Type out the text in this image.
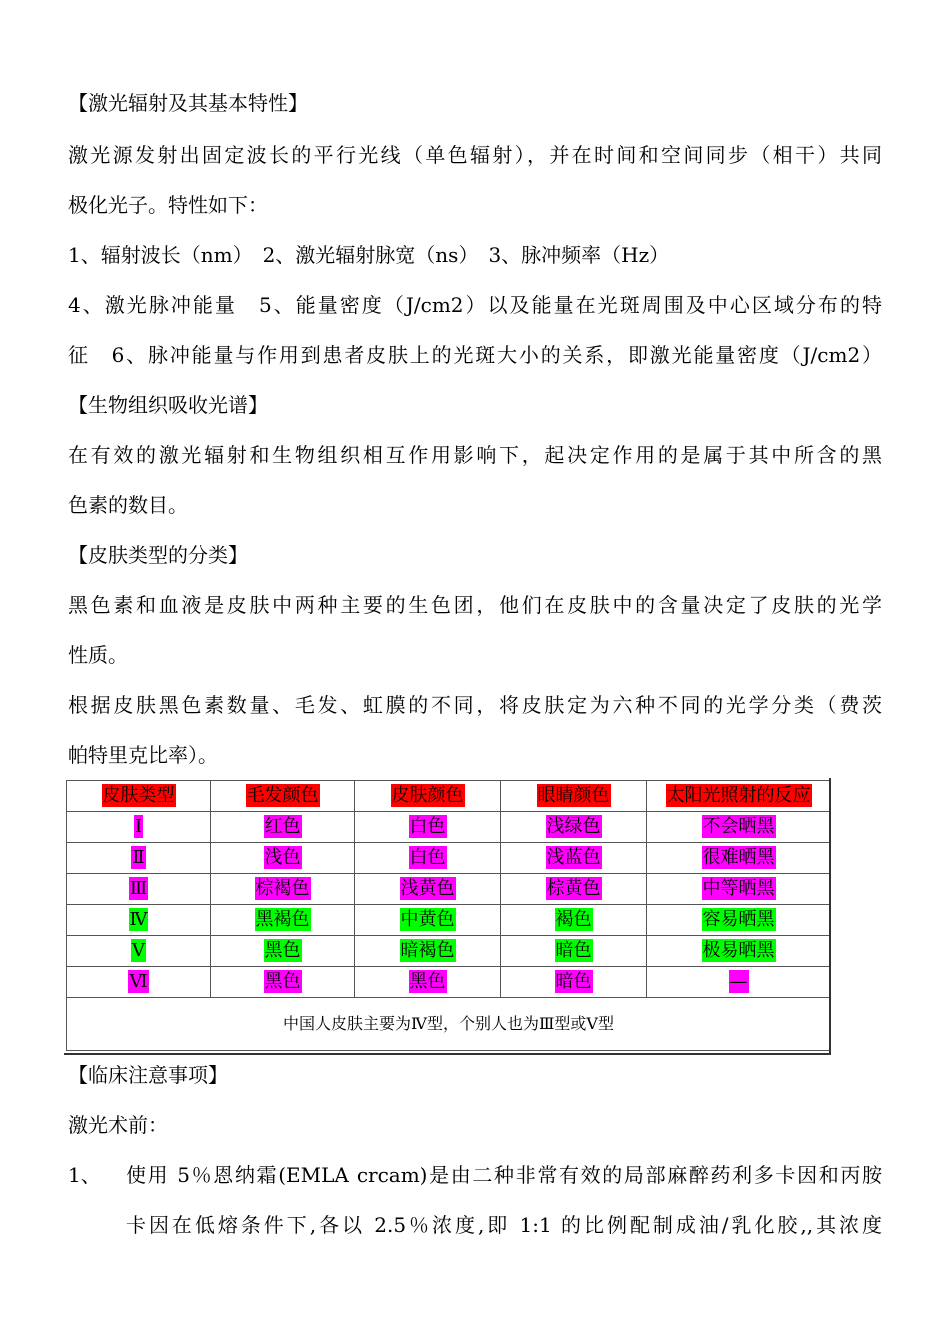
【激光辐射及其基本特性】
激光源发射出固定波长的平行光线（单色辐射），并在时间和空间同步（相干）共同
极化光子。特性如下：
1、辐射波长（nm）　2、激光辐射脉宽（ns）　3、脉冲频率（Hz）
4、激光脉冲能量　5、能量密度（J/cm2）以及能量在光斑周围及中心区域分布的特
征　6、脉冲能量与作用到患者皮肤上的光斑大小的关系，即激光能量密度（J/cm2）
【生物组织吸收光谱】
在有效的激光辐射和生物组织相互作用影响下，起决定作用的是属于其中所含的黑
色素的数目。
【皮肤类型的分类】
黑色素和血液是皮肤中两种主要的生色团，他们在皮肤中的含量决定了皮肤的光学
性质。
根据皮肤黑色素数量、毛发、虹膜的不同，将皮肤定为六种不同的光学分类（费茨
帕特里克比率）。
皮肤类型	毛发颜色	皮肤颜色	眼睛颜色	太阳光照射的反应
Ⅰ	红色	白色	浅绿色	不会晒黑
Ⅱ	浅色	白色	浅蓝色	很难晒黑
Ⅲ	棕褐色	浅黄色	棕黄色	中等晒黑
Ⅳ	黑褐色	中黄色	褐色	容易晒黑
Ⅴ	黑色	暗褐色	暗色	极易晒黑
Ⅵ	黑色	黑色	暗色	—
中国人皮肤主要为Ⅳ型，个别人也为Ⅲ型或Ⅴ型				
【临床注意事项】
激光术前：
1、 使用 5％恩纳霜(EMLA crcam)是由二种非常有效的局部麻醉药利多卡因和丙胺
卡因在低熔条件下,各以 2.5％浓度,即 1:1 的比例配制成油/乳化胶,,其浓度
